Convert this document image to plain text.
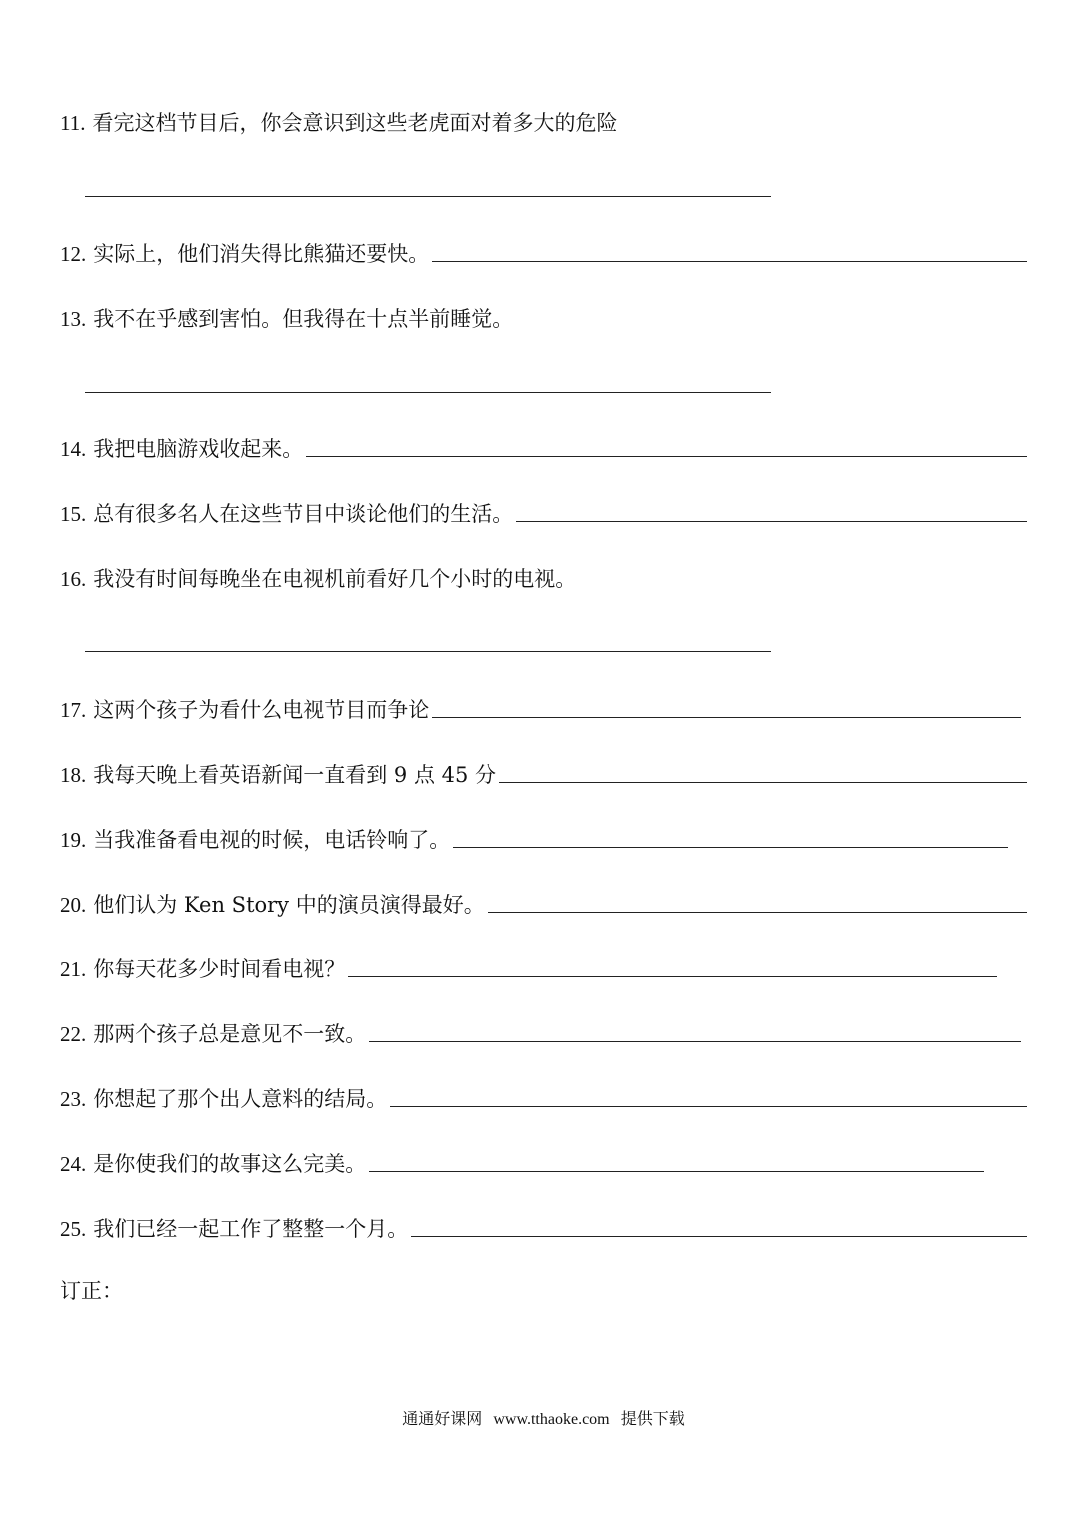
11. 看完这档节目后，你会意识到这些老虎面对着多大的危险
12. 实际上，他们消失得比熊猫还要快。
13. 我不在乎感到害怕。但我得在十点半前睡觉。
14. 我把电脑游戏收起来。
15. 总有很多名人在这些节目中谈论他们的生活。
16. 我没有时间每晚坐在电视机前看好几个小时的电视。
17. 这两个孩子为看什么电视节目而争论
18. 我每天晚上看英语新闻一直看到 9 点 45 分
19. 当我准备看电视的时候，电话铃响了。
20. 他们认为 Ken Story 中的演员演得最好。
21. 你每天花多少时间看电视？
22. 那两个孩子总是意见不一致。
23. 你想起了那个出人意料的结局。
24. 是你使我们的故事这么完美。
25. 我们已经一起工作了整整一个月。
订正：
通通好课网 www.tthaoke.com 提供下载
